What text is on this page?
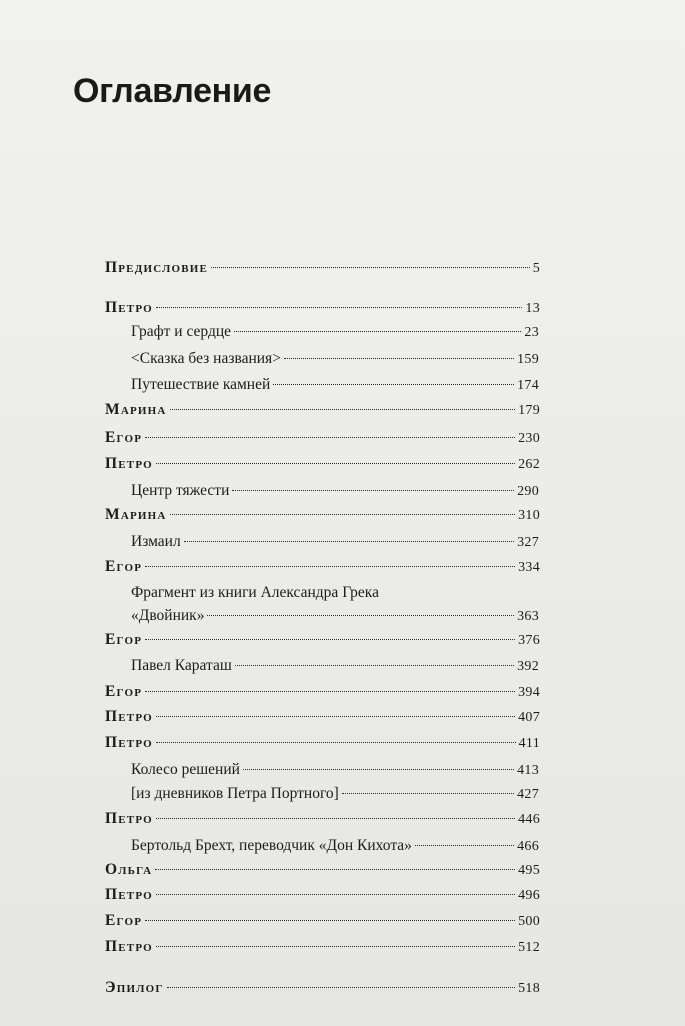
Оглавление
Предисловие	5
Петро	13
Графт и сердце	23
<Сказка без названия>	159
Путешествие камней	174
Марина	179
Егор	230
Петро	262
Центр тяжести	290
Марина	310
Измаил	327
Егор	334
Фрагмент из книги Александра Грека
«Двойник»	363
Егор	376
Павел Караташ	392
Егор	394
Петро	407
Петро	411
Колесо решений	413
[из дневников Петра Портного]	427
Петро	446
Бертольд Брехт, переводчик «Дон Кихота»	466
Ольга	495
Петро	496
Егор	500
Петро	512
Эпилог	518
